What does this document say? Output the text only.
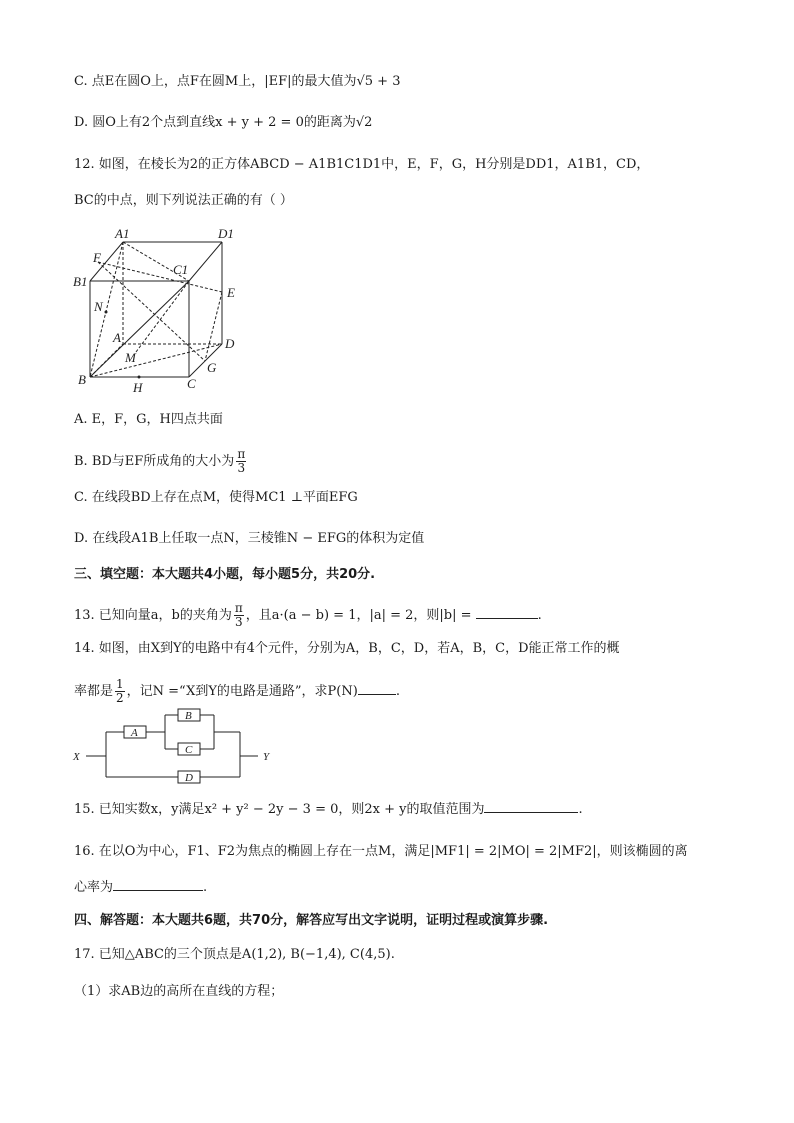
C. 点E在圆O上，点F在圆M上，|EF|的最大值为√5 + 3
D. 圆O上有2个点到直线x + y + 2 = 0的距离为√2
12. 如图，在棱长为2的正方体ABCD − A1B1C1D1中，E，F，G，H分别是DD1，A1B1，CD，
BC的中点，则下列说法正确的有（ ）
A1	D1
F
C1
B1
E
N
A	D
M
G
B
H	C
A. E，F，G，H四点共面
B. BD与EF所成角的大小为 $\frac{\pi}{3}$
C. 在线段BD上存在点M，使得MC1 ⊥平面EFG
D. 在线段A1B上任取一点N，三棱锥N − EFG的体积为定值
三、填空题：本大题共4小题，每小题5分，共20分.
13. 已知向量a，b的夹角为 $\frac{\pi}{3}$ ，且a·(a − b) = 1，|a| = 2，则|b| =	.
14. 如图，由X到Y的电路中有4个元件，分别为A，B，C，D，若A，B，C，D能正常工作的概
率都是 $\frac{1}{2}$ ，记N =“X到Y的电路是通路”，求P(N)	.
X	Y
A
B
C
D
15. 已知实数x，y满足x² + y² − 2y − 3 = 0，则2x + y的取值范围为	.
16. 在以O为中心，F1、F2为焦点的椭圆上存在一点M，满足|MF1| = 2|MO| = 2|MF2|，则该椭圆的离
心率为	.
四、解答题：本大题共6题，共70分，解答应写出文字说明，证明过程或演算步骤.
17. 已知△ABC的三个顶点是A(1,2), B(−1,4), C(4,5).
（1）求AB边的高所在直线的方程；
